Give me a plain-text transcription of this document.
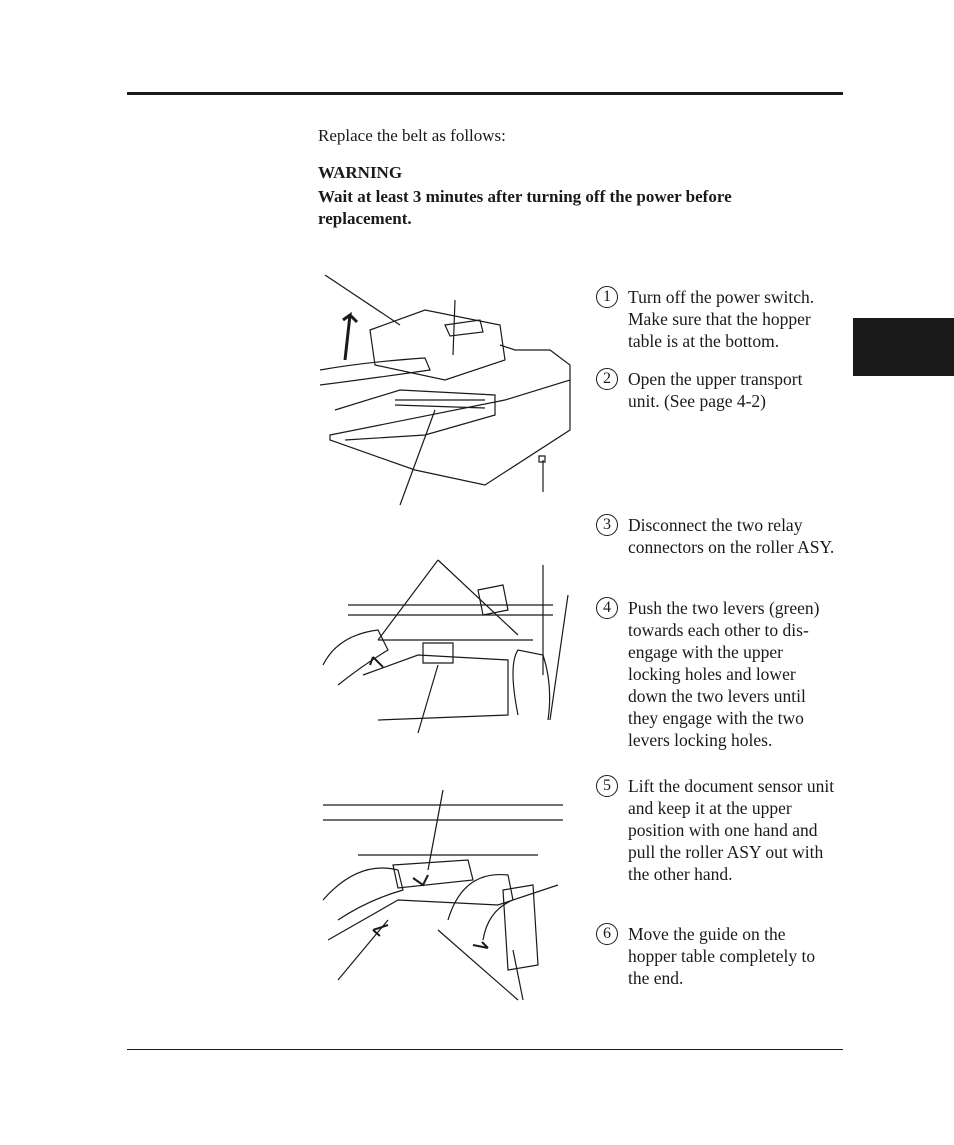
Replace the belt as follows:
WARNING
Wait at least 3 minutes after turning off the power before replacement.
1 Turn off the power switch. Make sure that the hopper table is at the bottom.
2 Open the upper transport unit. (See page 4-2)
3 Disconnect the two relay connectors on the roller ASY.
4 Push the two levers (green) towards each other to dis-engage with the upper locking holes and lower down the two levers until they engage with the two levers locking holes.
5 Lift the document sensor unit and keep it at the upper position with one hand and pull the roller ASY out with the other hand.
6 Move the guide on the hopper table completely to the end.
